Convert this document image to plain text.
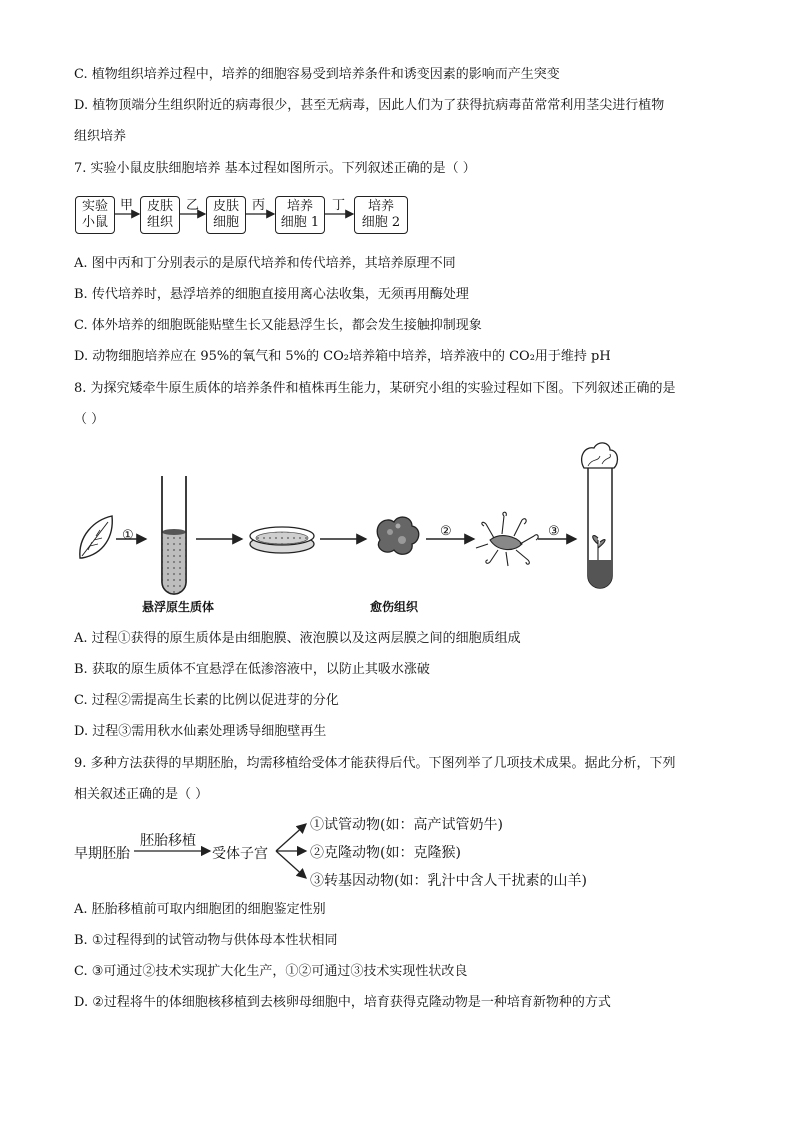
C. 植物组织培养过程中，培养的细胞容易受到培养条件和诱变因素的影响而产生突变
D. 植物顶端分生组织附近的病毒很少，甚至无病毒，因此人们为了获得抗病毒苗常常利用茎尖进行植物
组织培养
7. 实验小鼠皮肤细胞培养 基本过程如图所示。下列叙述正确的是（ ）
实验
小鼠
皮肤
组织
皮肤
细胞
培养
细胞 1
培养
细胞 2
甲	乙	丙	丁
A. 图中丙和丁分别表示的是原代培养和传代培养，其培养原理不同
B. 传代培养时，悬浮培养的细胞直接用离心法收集，无须再用酶处理
C. 体外培养的细胞既能贴壁生长又能悬浮生长，都会发生接触抑制现象
D. 动物细胞培养应在 95%的氧气和 5%的 CO₂培养箱中培养，培养液中的 CO₂用于维持 pH
8. 为探究矮牵牛原生质体的培养条件和植株再生能力，某研究小组的实验过程如下图。下列叙述正确的是
（ ）
①	②	③
悬浮原生质体	愈伤组织
A. 过程①获得的原生质体是由细胞膜、液泡膜以及这两层膜之间的细胞质组成
B. 获取的原生质体不宜悬浮在低渗溶液中，以防止其吸水涨破
C. 过程②需提高生长素的比例以促进芽的分化
D. 过程③需用秋水仙素处理诱导细胞壁再生
9. 多种方法获得的早期胚胎，均需移植给受体才能获得后代。下图列举了几项技术成果。据此分析，下列
相关叙述正确的是（ ）
早期胚胎
胚胎移植
受体子宫
①试管动物(如：高产试管奶牛)
②克隆动物(如：克隆猴)
③转基因动物(如：乳汁中含人干扰素的山羊)
A. 胚胎移植前可取内细胞团的细胞鉴定性别
B. ①过程得到的试管动物与供体母本性状相同
C. ③可通过②技术实现扩大化生产，①②可通过③技术实现性状改良
D. ②过程将牛的体细胞核移植到去核卵母细胞中，培育获得克隆动物是一种培育新物种的方式
